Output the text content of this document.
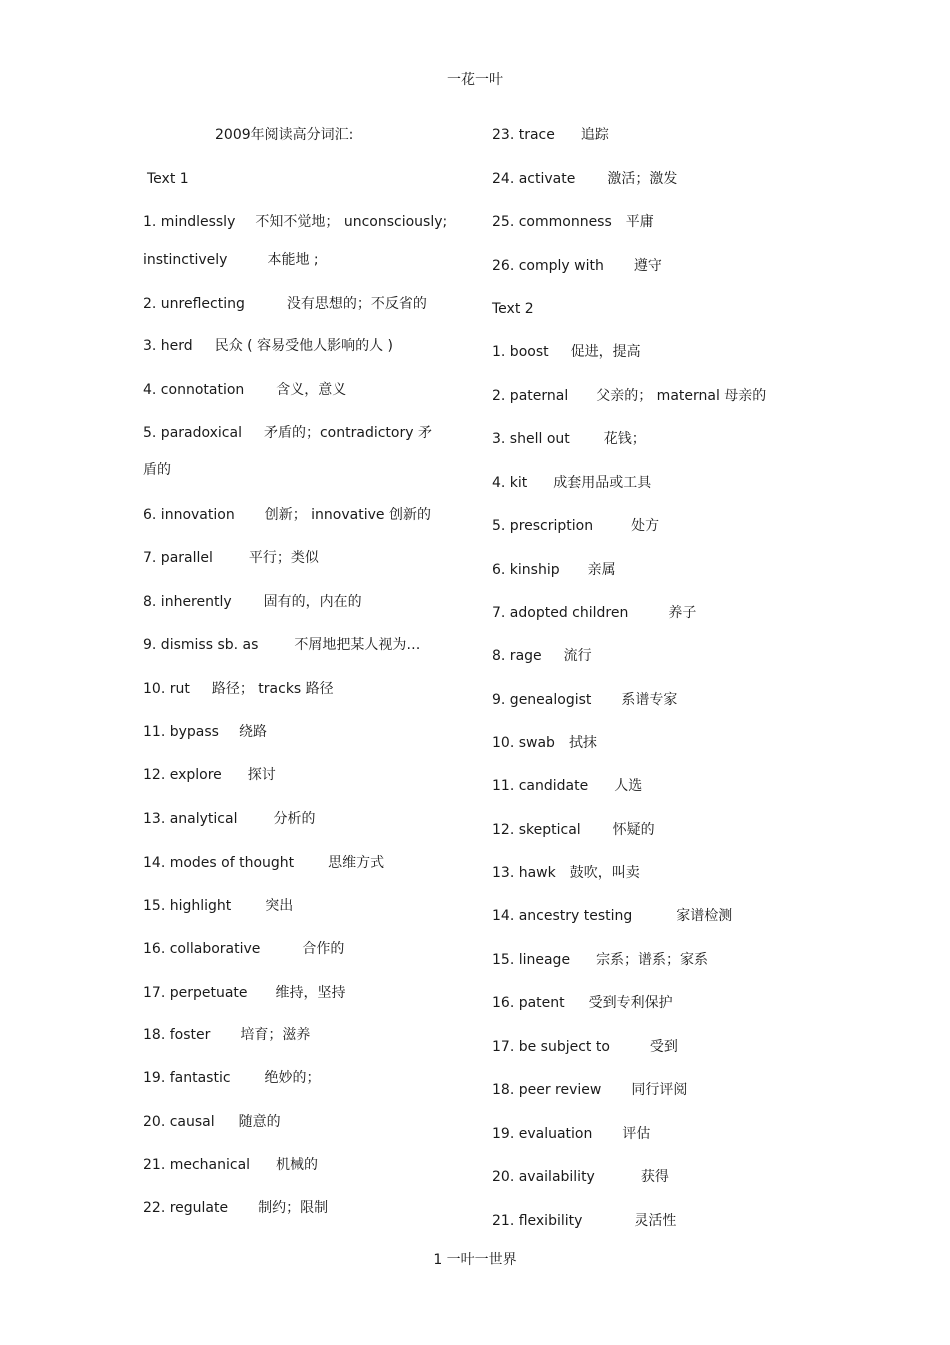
一花一叶
2009年阅读高分词汇:
Text 1
1. mindlessly 不知不觉地； unconsciously;
instinctively	本能地 ;
2. unreflecting	没有思想的；不反省的
3. herd 民众 ( 容易受他人影响的人 )
4. connotation 含义，意义
5. paradoxical 矛盾的；contradictory 矛
盾的
6. innovation 创新； innovative 创新的
7. parallel	平行；类似
8. inherently 固有的，内在的
9. dismiss sb. as	不屑地把某人视为…
10. rut 路径； tracks 路径
11. bypass 绕路
12. explore 探讨
13. analytical	分析的
14. modes of thought 思维方式
15. highlight 突出
16. collaborative	合作的
17. perpetuate 维持，坚持
18. foster 培育；滋养
19. fantastic 绝妙的；
20. causal 随意的
21. mechanical 机械的
22. regulate 制约；限制
23. trace 追踪
24. activate 激活；激发
25. commonness 平庸
26. comply with 遵守
Text 2
1. boost 促进，提高
2. paternal 父亲的； maternal 母亲的
3. shell out 花钱；
4. kit 成套用品或工具
5. prescription	处方
6. kinship 亲属
7. adopted children	养子
8. rage 流行
9. genealogist 系谱专家
10. swab 拭抹
11. candidate 人选
12. skeptical 怀疑的
13. hawk 鼓吹，叫卖
14. ancestry testing	家谱检测
15. lineage 宗系；谱系；家系
16. patent 受到专利保护
17. be subject to	受到
18. peer review 同行评阅
19. evaluation 评估
20. availability	获得
21. flexibility	灵活性
1 一叶一世界
